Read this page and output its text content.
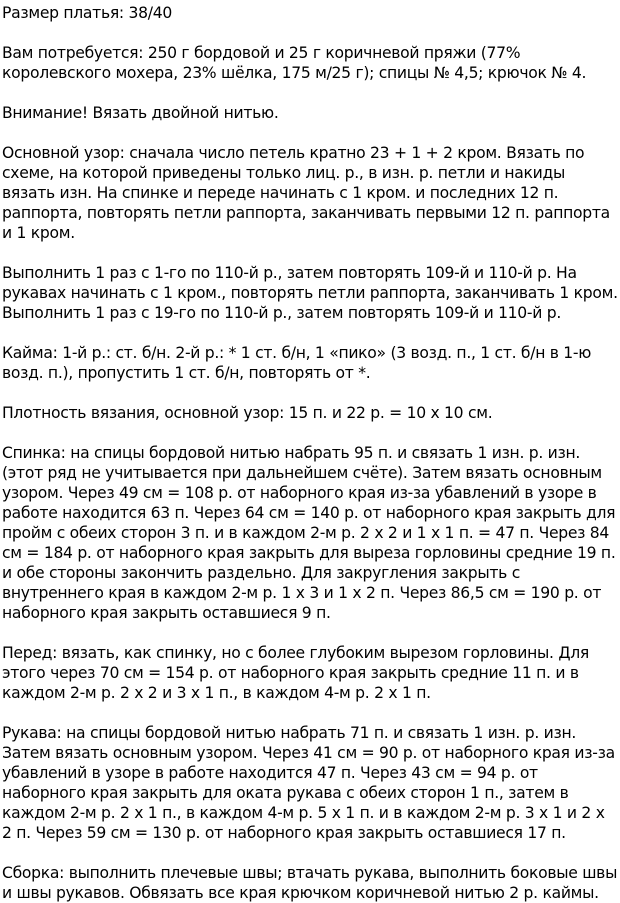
Размер платья: 38/40

Вам потребуется: 250 г бордовой и 25 г коричневой пряжи (77% королевского мохера, 23% шёлка, 175 м/25 г); спицы № 4,5; крючок № 4.

Внимание! Вязать двойной нитью.

Основной узор: сначала число петель кратно 23 + 1 + 2 кром. Вязать по схеме, на которой приведены только лиц. р., в изн. р. петли и накиды вязать изн. На спинке и переде начинать с 1 кром. и последних 12 п. раппорта, повторять петли раппорта, заканчивать первыми 12 п. раппорта и 1 кром.

Выполнить 1 раз с 1-го по 110-й р., затем повторять 109-й и 110-й р. На рукавах начинать с 1 кром., повторять петли раппорта, заканчивать 1 кром. Выполнить 1 раз с 19-го по 110-й р., затем повторять 109-й и 110-й р.

Кайма: 1-й р.: ст. б/н. 2-й р.: * 1 ст. б/н, 1 «пико» (3 возд. п., 1 ст. б/н в 1-ю возд. п.), пропустить 1 ст. б/н, повторять от *.

Плотность вязания, основной узор: 15 п. и 22 р. = 10 х 10 см.

Спинка: на спицы бордовой нитью набрать 95 п. и связать 1 изн. р. изн. (этот ряд не учитывается при дальнейшем счёте). Затем вязать основным узором. Через 49 см = 108 р. от наборного края из-за убавлений в узоре в работе находится 63 п. Через 64 см = 140 р. от наборного края закрыть для пройм с обеих сторон 3 п. и в каждом 2-м р. 2 х 2 и 1 х 1 п. = 47 п. Через 84 см = 184 р. от наборного края закрыть для выреза горловины средние 19 п. и обе стороны закончить раздельно. Для закругления закрыть с внутреннего края в каждом 2-м р. 1 х 3 и 1 х 2 п. Через 86,5 см = 190 р. от наборного края закрыть оставшиеся 9 п.

Перед: вязать, как спинку, но с более глубоким вырезом горловины. Для этого через 70 см = 154 р. от наборного края закрыть средние 11 п. и в каждом 2-м р. 2 х 2 и 3 х 1 п., в каждом 4-м р. 2 х 1 п.

Рукава: на спицы бордовой нитью набрать 71 п. и связать 1 изн. р. изн. Затем вязать основным узором. Через 41 см = 90 р. от наборного края из-за убавлений в узоре в работе находится 47 п. Через 43 см = 94 р. от наборного края закрыть для оката рукава с обеих сторон 1 п., затем в каждом 2-м р. 2 х 1 п., в каждом 4-м р. 5 х 1 п. и в каждом 2-м р. 3 х 1 и 2 х 2 п. Через 59 см = 130 р. от наборного края закрыть оставшиеся 17 п.

Сборка: выполнить плечевые швы; втачать рукава, выполнить боковые швы и швы рукавов. Обвязать все края крючком коричневой нитью 2 р. каймы.
